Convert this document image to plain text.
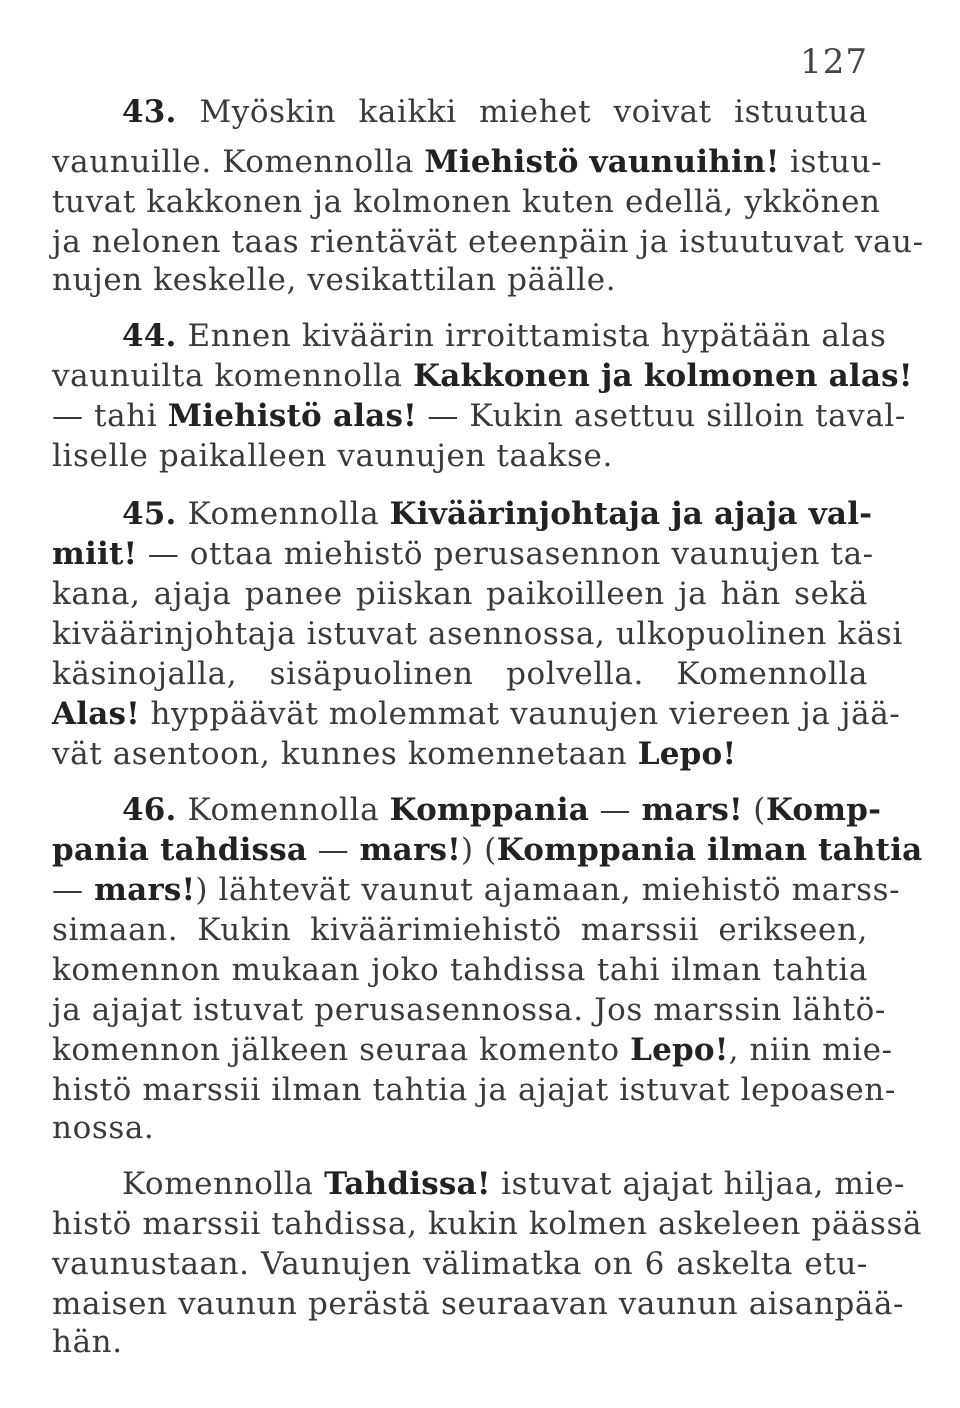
127
43. Myöskin kaikki miehet voivat istuutua
vaunuille. Komennolla Miehistö vaunuihin! istuu-
tuvat kakkonen ja kolmonen kuten edellä, ykkönen
ja nelonen taas rientävät eteenpäin ja istuutuvat vau-
nujen keskelle, vesikattilan päälle.
44. Ennen kiväärin irroittamista hypätään alas
vaunuilta komennolla Kakkonen ja kolmonen alas!
— tahi Miehistö alas! — Kukin asettuu silloin taval-
liselle paikalleen vaunujen taakse.
45. Komennolla Kiväärinjohtaja ja ajaja val-
miit! — ottaa miehistö perusasennon vaunujen ta-
kana, ajaja panee piiskan paikoilleen ja hän sekä
kiväärinjohtaja istuvat asennossa, ulkopuolinen käsi
käsinojalla, sisäpuolinen polvella. Komennolla
Alas! hyppäävät molemmat vaunujen viereen ja jää-
vät asentoon, kunnes komennetaan Lepo!
46. Komennolla Komppania — mars! (Komp-
pania tahdissa — mars!) (Komppania ilman tahtia
— mars!) lähtevät vaunut ajamaan, miehistö marss-
simaan. Kukin kiväärimiehistö marssii erikseen,
komennon mukaan joko tahdissa tahi ilman tahtia
ja ajajat istuvat perusasennossa. Jos marssin lähtö-
komennon jälkeen seuraa komento Lepo!, niin mie-
histö marssii ilman tahtia ja ajajat istuvat lepoasen-
nossa.
Komennolla Tahdissa! istuvat ajajat hiljaa, mie-
histö marssii tahdissa, kukin kolmen askeleen päässä
vaunustaan. Vaunujen välimatka on 6 askelta etu-
maisen vaunun perästä seuraavan vaunun aisanpää-
hän.
